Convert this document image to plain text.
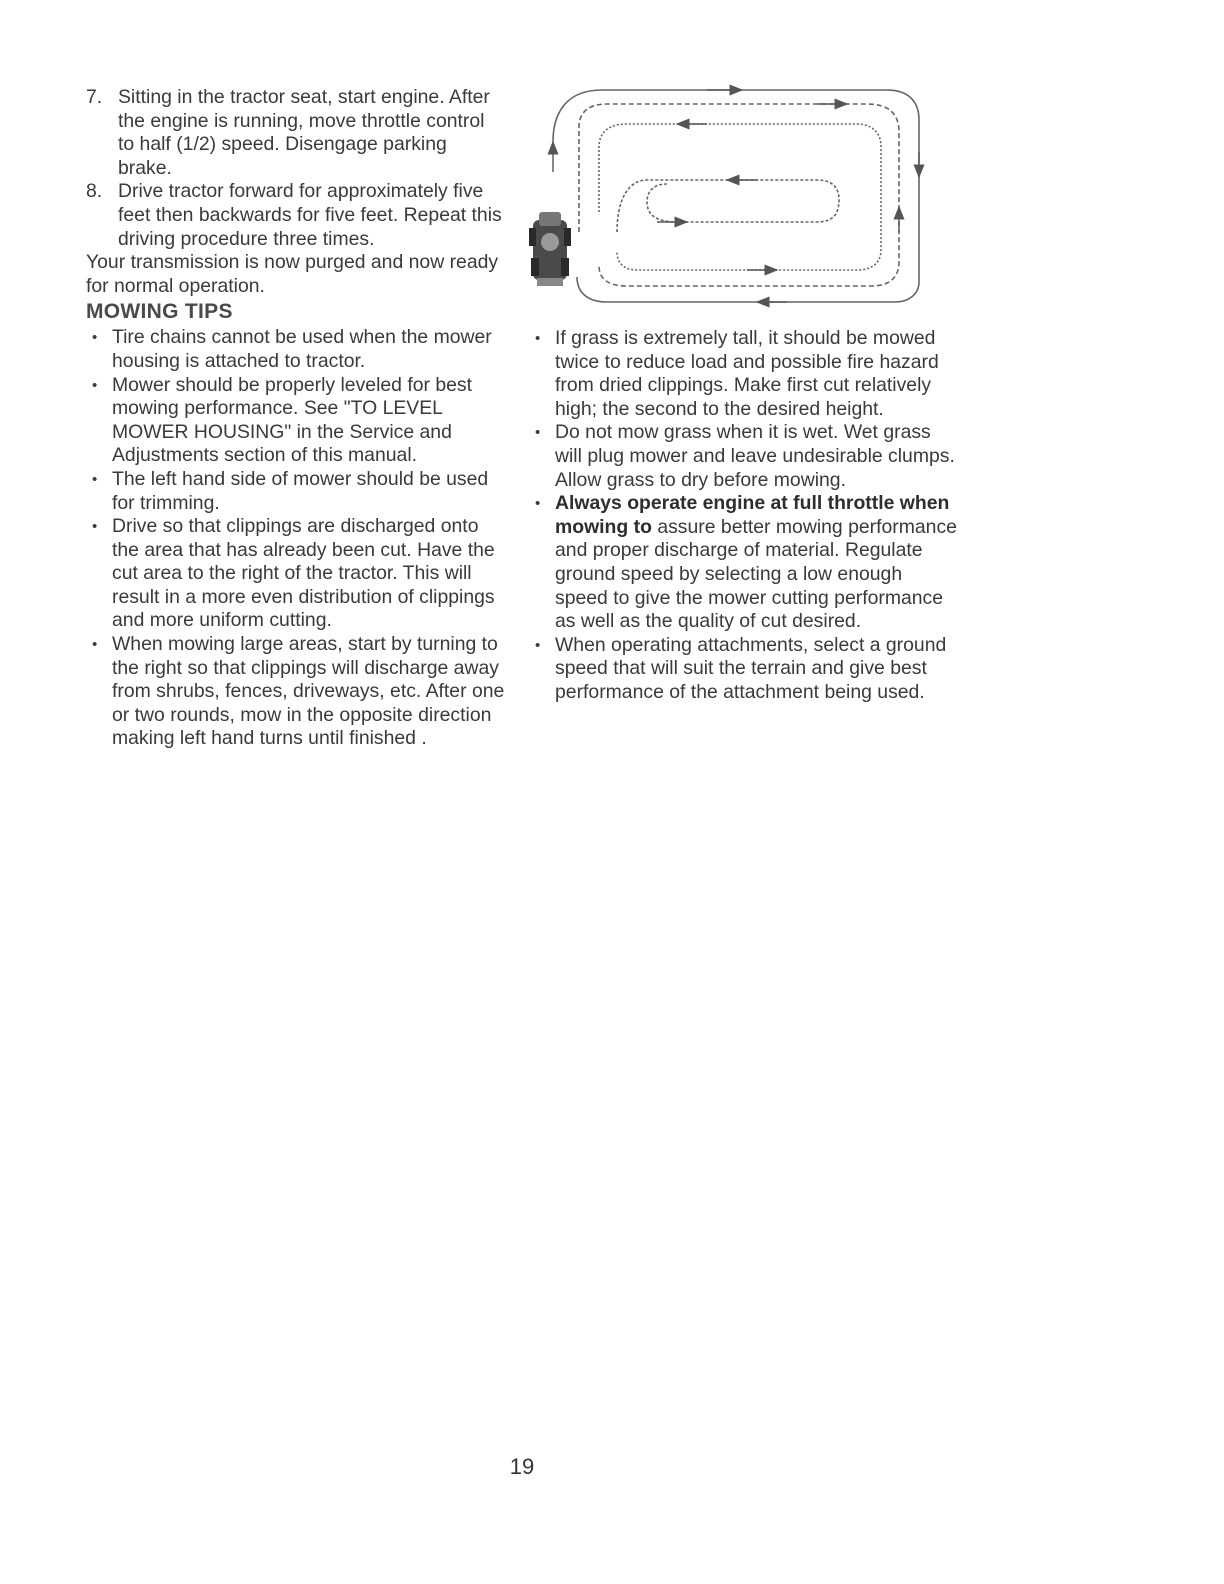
7. Sitting in the tractor seat, start engine. After the engine is running, move throttle control to half (1/2) speed. Disengage parking brake.
8. Drive tractor forward for approximately five feet then backwards for five feet. Repeat this driving procedure three times.

Your transmission is now purged and now ready for normal operation.

MOWING TIPS
• Tire chains cannot be used when the mower housing is attached to tractor.
• Mower should be properly leveled for best mowing performance. See "TO LEVEL MOWER HOUSING" in the Service and Adjustments section of this manual.
• The left hand side of mower should be used for trimming.
• Drive so that clippings are discharged onto the area that has already been cut. Have the cut area to the right of the tractor. This will result in a more even distribution of clippings and more uniform cutting.
• When mowing large areas, start by turning to the right so that clippings will discharge away from shrubs, fences, driveways, etc. After one or two rounds, mow in the opposite direction making left hand turns until finished .
• If grass is extremely tall, it should be mowed twice to reduce load and possible fire hazard from dried clippings. Make first cut relatively high; the second to the desired height.
• Do not mow grass when it is wet. Wet grass will plug mower and leave undesirable clumps. Allow grass to dry before mowing.
• Always operate engine at full throttle when mowing to assure better mowing performance and proper discharge of material. Regulate ground speed by selecting a low enough speed to give the mower cutting performance as well as the quality of cut desired.
• When operating attachments, select a ground speed that will suit the terrain and give best performance of the attachment being used.
19
